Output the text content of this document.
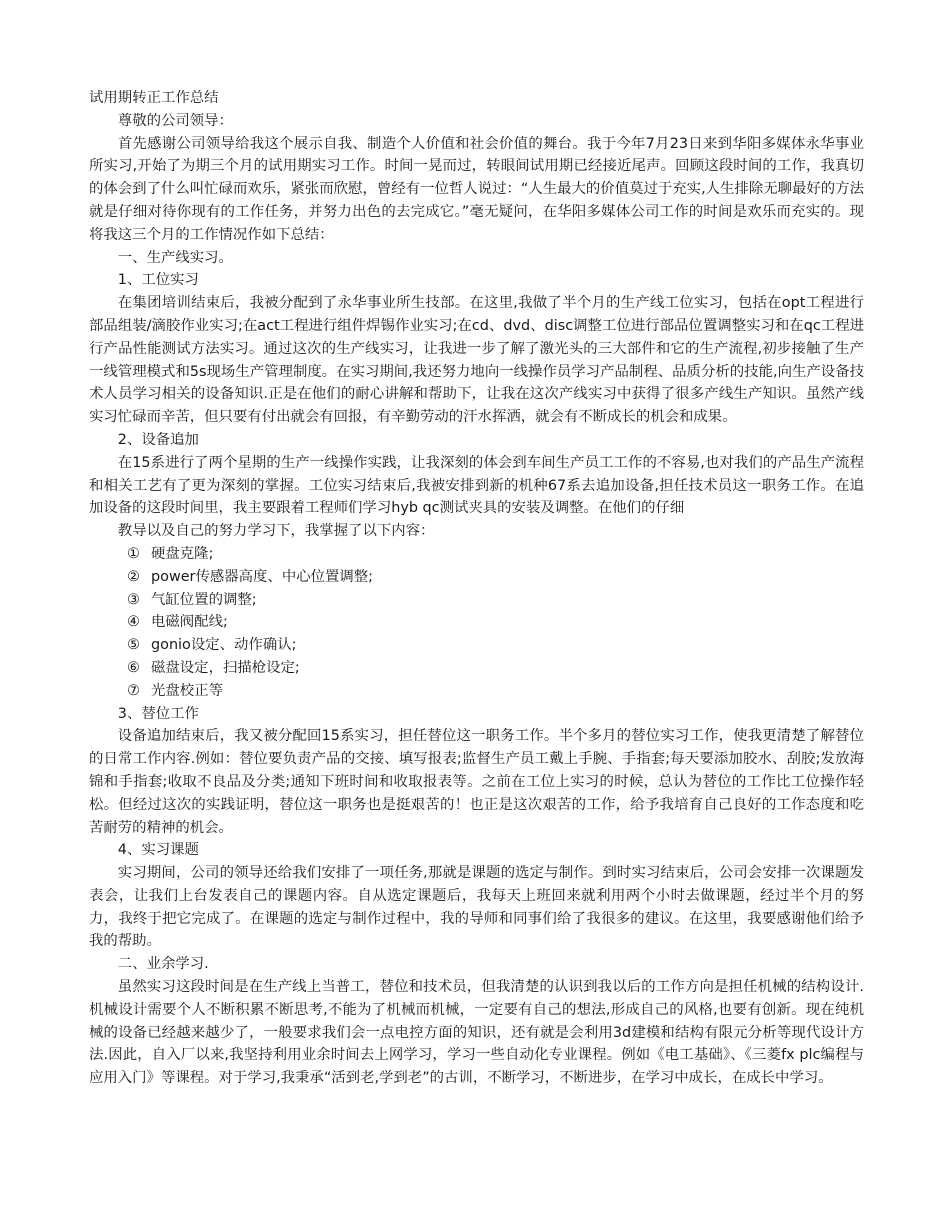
试用期转正工作总结

尊敬的公司领导：

首先感谢公司领导给我这个展示自我、制造个人价值和社会价值的舞台。我于今年7月23日来到华阳多媒体永华事业所实习,开始了为期三个月的试用期实习工作。时间一晃而过，转眼间试用期已经接近尾声。回顾这段时间的工作，我真切的体会到了什么叫忙碌而欢乐，紧张而欣慰，曾经有一位哲人说过：“人生最大的价值莫过于充实,人生排除无聊最好的方法就是仔细对待你现有的工作任务，并努力出色的去完成它。”毫无疑问，在华阳多媒体公司工作的时间是欢乐而充实的。现将我这三个月的工作情况作如下总结：

一、生产线实习。

1、工位实习

在集团培训结束后，我被分配到了永华事业所生技部。在这里,我做了半个月的生产线工位实习，包括在opt工程进行部品组装/滴胶作业实习;在act工程进行组件焊锡作业实习;在cd、dvd、disc调整工位进行部品位置调整实习和在qc工程进行产品性能测试方法实习。通过这次的生产线实习，让我进一步了解了激光头的三大部件和它的生产流程,初步接触了生产一线管理模式和5s现场生产管理制度。在实习期间,我还努力地向一线操作员学习产品制程、品质分析的技能,向生产设备技术人员学习相关的设备知识.正是在他们的耐心讲解和帮助下，让我在这次产线实习中获得了很多产线生产知识。虽然产线实习忙碌而辛苦，但只要有付出就会有回报，有辛勤劳动的汗水挥洒，就会有不断成长的机会和成果。

2、设备追加

在15系进行了两个星期的生产一线操作实践，让我深刻的体会到车间生产员工工作的不容易,也对我们的产品生产流程和相关工艺有了更为深刻的掌握。工位实习结束后,我被安排到新的机种67系去追加设备,担任技术员这一职务工作。在追加设备的这段时间里，我主要跟着工程师们学习hyb qc测试夹具的安装及调整。在他们的仔细

教导以及自己的努力学习下，我掌握了以下内容：

① 硬盘克隆;

② power传感器高度、中心位置调整;

③ 气缸位置的调整;

④ 电磁阀配线;

⑤ gonio设定、动作确认;

⑥ 磁盘设定，扫描枪设定;

⑦ 光盘校正等

3、替位工作

设备追加结束后，我又被分配回15系实习，担任替位这一职务工作。半个多月的替位实习工作，使我更清楚了解替位的日常工作内容.例如：替位要负责产品的交接、填写报表;监督生产员工戴上手腕、手指套;每天要添加胶水、刮胶;发放海锦和手指套;收取不良品及分类;通知下班时间和收取报表等。之前在工位上实习的时候，总认为替位的工作比工位操作轻松。但经过这次的实践证明，替位这一职务也是挺艰苦的！也正是这次艰苦的工作，给予我培育自己良好的工作态度和吃苦耐劳的精神的机会。

4、实习课题

实习期间，公司的领导还给我们安排了一项任务,那就是课题的选定与制作。到时实习结束后，公司会安排一次课题发表会，让我们上台发表自己的课题内容。自从选定课题后，我每天上班回来就利用两个小时去做课题，经过半个月的努力，我终于把它完成了。在课题的选定与制作过程中，我的导师和同事们给了我很多的建议。在这里，我要感谢他们给予我的帮助。

二、业余学习.

虽然实习这段时间是在生产线上当普工，替位和技术员，但我清楚的认识到我以后的工作方向是担任机械的结构设计.机械设计需要个人不断积累不断思考,不能为了机械而机械，一定要有自己的想法,形成自己的风格,也要有创新。现在纯机械的设备已经越来越少了，一般要求我们会一点电控方面的知识，还有就是会利用3d建模和结构有限元分析等现代设计方法.因此，自入厂以来,我坚持利用业余时间去上网学习，学习一些自动化专业课程。例如《电工基础》、《三菱fx plc编程与应用入门》等课程。对于学习,我秉承“活到老,学到老”的古训，不断学习，不断进步，在学习中成长，在成长中学习。
